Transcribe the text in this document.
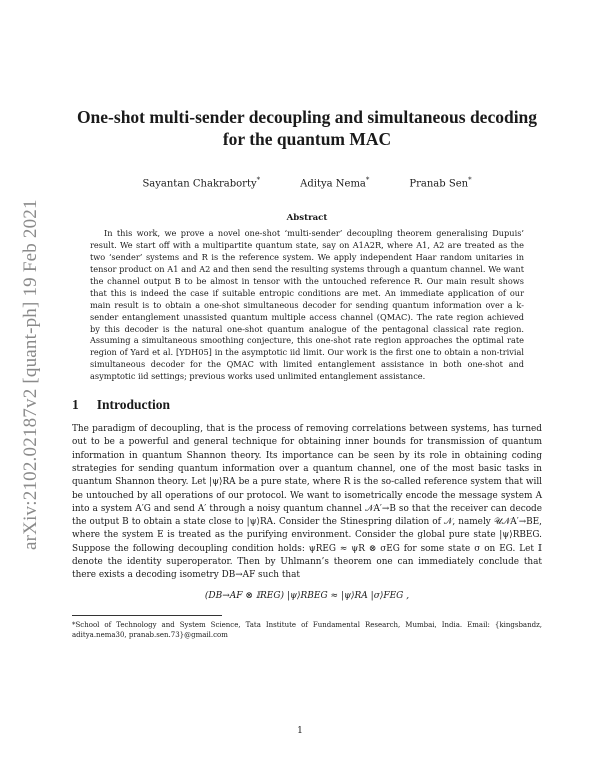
arXiv:2102.02187v2 [quant-ph] 19 Feb 2021
One-shot multi-sender decoupling and simultaneous decoding for the quantum MAC
Sayantan Chakraborty*	Aditya Nema*	Pranab Sen*
Abstract
In this work, we prove a novel one-shot ‘multi-sender’ decoupling theorem generalising Dupuis’ result. We start off with a multipartite quantum state, say on A1A2R, where A1, A2 are treated as the two ‘sender’ systems and R is the reference system. We apply independent Haar random unitaries in tensor product on A1 and A2 and then send the resulting systems through a quantum channel. We want the channel output B to be almost in tensor with the untouched reference R. Our main result shows that this is indeed the case if suitable entropic conditions are met. An immediate application of our main result is to obtain a one-shot simultaneous decoder for sending quantum information over a k-sender entanglement unassisted quantum multiple access channel (QMAC). The rate region achieved by this decoder is the natural one-shot quantum analogue of the pentagonal classical rate region. Assuming a simultaneous smoothing conjecture, this one-shot rate region approaches the optimal rate region of Yard et al. [YDH05] in the asymptotic iid limit. Our work is the first one to obtain a non-trivial simultaneous decoder for the QMAC with limited entanglement assistance in both one-shot and asymptotic iid settings; previous works used unlimited entanglement assistance.
1 Introduction
The paradigm of decoupling, that is the process of removing correlations between systems, has turned out to be a powerful and general technique for obtaining inner bounds for transmission of quantum information in quantum Shannon theory. Its importance can be seen by its role in obtaining coding strategies for sending quantum information over a quantum channel, one of the most basic tasks in quantum Shannon theory. Let |ψ⟩RA be a pure state, where R is the so-called reference system that will be untouched by all operations of our protocol. We want to isometrically encode the message system A into a system A′G and send A′ through a noisy quantum channel 𝒩A′→B so that the receiver can decode the output B to obtain a state close to |ψ⟩RA. Consider the Stinespring dilation of 𝒩, namely 𝒰𝒩A′→BE, where the system E is treated as the purifying environment. Consider the global pure state |ψ⟩RBEG. Suppose the following decoupling condition holds: ψREG ≈ ψR ⊗ σEG for some state σ on EG. Let 𝕀 denote the identity superoperator. Then by Uhlmann’s theorem one can immediately conclude that there exists a decoding isometry DB→AF such that
(DB→AF ⊗ 𝕀REG) |ψ⟩RBEG ≈ |ψ⟩RA |σ⟩FEG ,
*School of Technology and System Science, Tata Institute of Fundamental Research, Mumbai, India. Email: {kingsbandz, aditya.nema30, pranab.sen.73}@gmail.com
1
